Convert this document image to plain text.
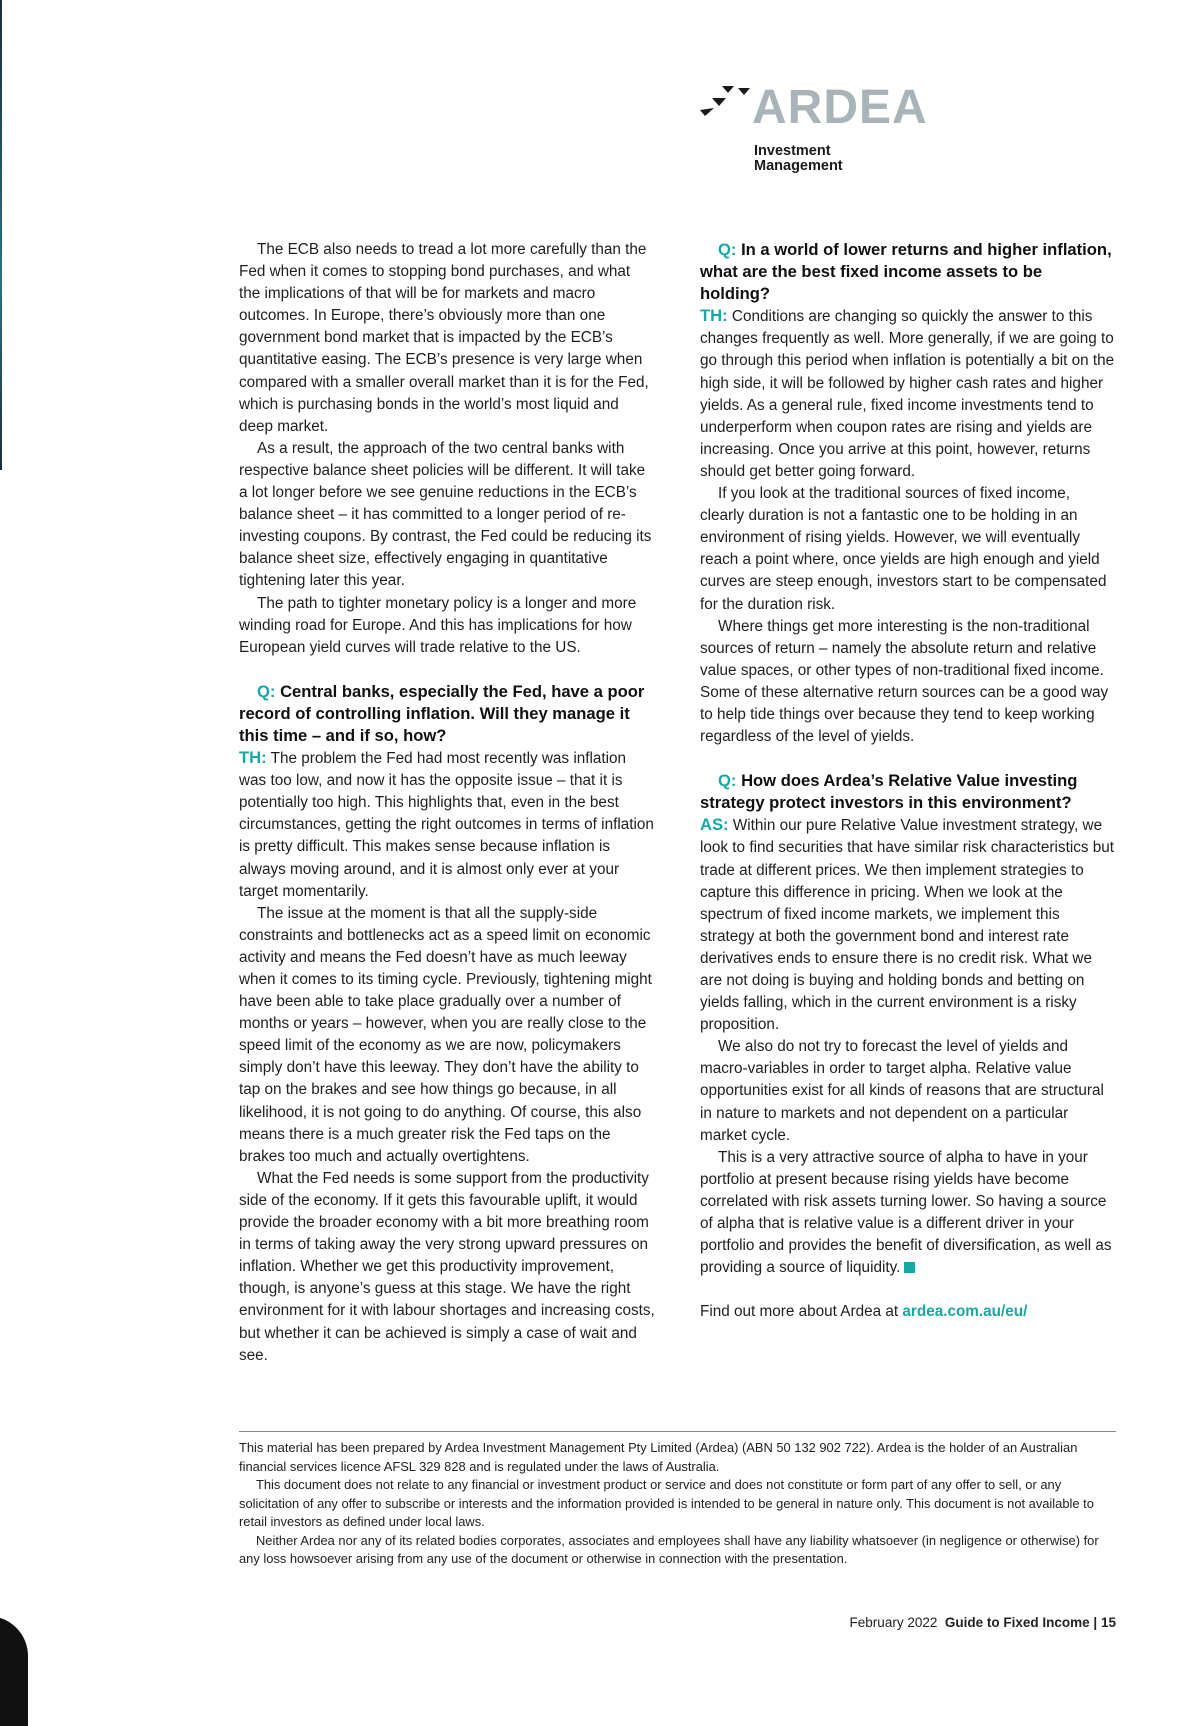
ARDEA
Investment
Management

The ECB also needs to tread a lot more carefully than the Fed when it comes to stopping bond purchases, and what the implications of that will be for markets and macro outcomes. In Europe, there’s obviously more than one government bond market that is impacted by the ECB’s quantitative easing. The ECB’s presence is very large when compared with a smaller overall market than it is for the Fed, which is purchasing bonds in the world’s most liquid and deep market.

As a result, the approach of the two central banks with respective balance sheet policies will be different. It will take a lot longer before we see genuine reductions in the ECB’s balance sheet – it has committed to a longer period of re-investing coupons. By contrast, the Fed could be reducing its balance sheet size, effectively engaging in quantitative tightening later this year.

The path to tighter monetary policy is a longer and more winding road for Europe. And this has implications for how European yield curves will trade relative to the US.

Q: Central banks, especially the Fed, have a poor record of controlling inflation. Will they manage it this time – and if so, how?

TH: The problem the Fed had most recently was inflation was too low, and now it has the opposite issue – that it is potentially too high. This highlights that, even in the best circumstances, getting the right outcomes in terms of inflation is pretty difficult. This makes sense because inflation is always moving around, and it is almost only ever at your target momentarily.

The issue at the moment is that all the supply-side constraints and bottlenecks act as a speed limit on economic activity and means the Fed doesn’t have as much leeway when it comes to its timing cycle. Previously, tightening might have been able to take place gradually over a number of months or years – however, when you are really close to the speed limit of the economy as we are now, policymakers simply don’t have this leeway. They don’t have the ability to tap on the brakes and see how things go because, in all likelihood, it is not going to do anything. Of course, this also means there is a much greater risk the Fed taps on the brakes too much and actually overtightens.

What the Fed needs is some support from the productivity side of the economy. If it gets this favourable uplift, it would provide the broader economy with a bit more breathing room in terms of taking away the very strong upward pressures on inflation. Whether we get this productivity improvement, though, is anyone’s guess at this stage. We have the right environment for it with labour shortages and increasing costs, but whether it can be achieved is simply a case of wait and see.

Q: In a world of lower returns and higher inflation, what are the best fixed income assets to be holding?

TH: Conditions are changing so quickly the answer to this changes frequently as well. More generally, if we are going to go through this period when inflation is potentially a bit on the high side, it will be followed by higher cash rates and higher yields. As a general rule, fixed income investments tend to underperform when coupon rates are rising and yields are increasing. Once you arrive at this point, however, returns should get better going forward.

If you look at the traditional sources of fixed income, clearly duration is not a fantastic one to be holding in an environment of rising yields. However, we will eventually reach a point where, once yields are high enough and yield curves are steep enough, investors start to be compensated for the duration risk.

Where things get more interesting is the non-traditional sources of return – namely the absolute return and relative value spaces, or other types of non-traditional fixed income. Some of these alternative return sources can be a good way to help tide things over because they tend to keep working regardless of the level of yields.

Q: How does Ardea’s Relative Value investing strategy protect investors in this environment?

AS: Within our pure Relative Value investment strategy, we look to find securities that have similar risk characteristics but trade at different prices. We then implement strategies to capture this difference in pricing. When we look at the spectrum of fixed income markets, we implement this strategy at both the government bond and interest rate derivatives ends to ensure there is no credit risk. What we are not doing is buying and holding bonds and betting on yields falling, which in the current environment is a risky proposition.

We also do not try to forecast the level of yields and macro-variables in order to target alpha. Relative value opportunities exist for all kinds of reasons that are structural in nature to markets and not dependent on a particular market cycle.

This is a very attractive source of alpha to have in your portfolio at present because rising yields have become correlated with risk assets turning lower. So having a source of alpha that is relative value is a different driver in your portfolio and provides the benefit of diversification, as well as providing a source of liquidity.

Find out more about Ardea at ardea.com.au/eu/

This material has been prepared by Ardea Investment Management Pty Limited (Ardea) (ABN 50 132 902 722). Ardea is the holder of an Australian financial services licence AFSL 329 828 and is regulated under the laws of Australia.

This document does not relate to any financial or investment product or service and does not constitute or form part of any offer to sell, or any solicitation of any offer to subscribe or interests and the information provided is intended to be general in nature only. This document is not available to retail investors as defined under local laws.

Neither Ardea nor any of its related bodies corporates, associates and employees shall have any liability whatsoever (in negligence or otherwise) for any loss howsoever arising from any use of the document or otherwise in connection with the presentation.

February 2022 Guide to Fixed Income | 15
